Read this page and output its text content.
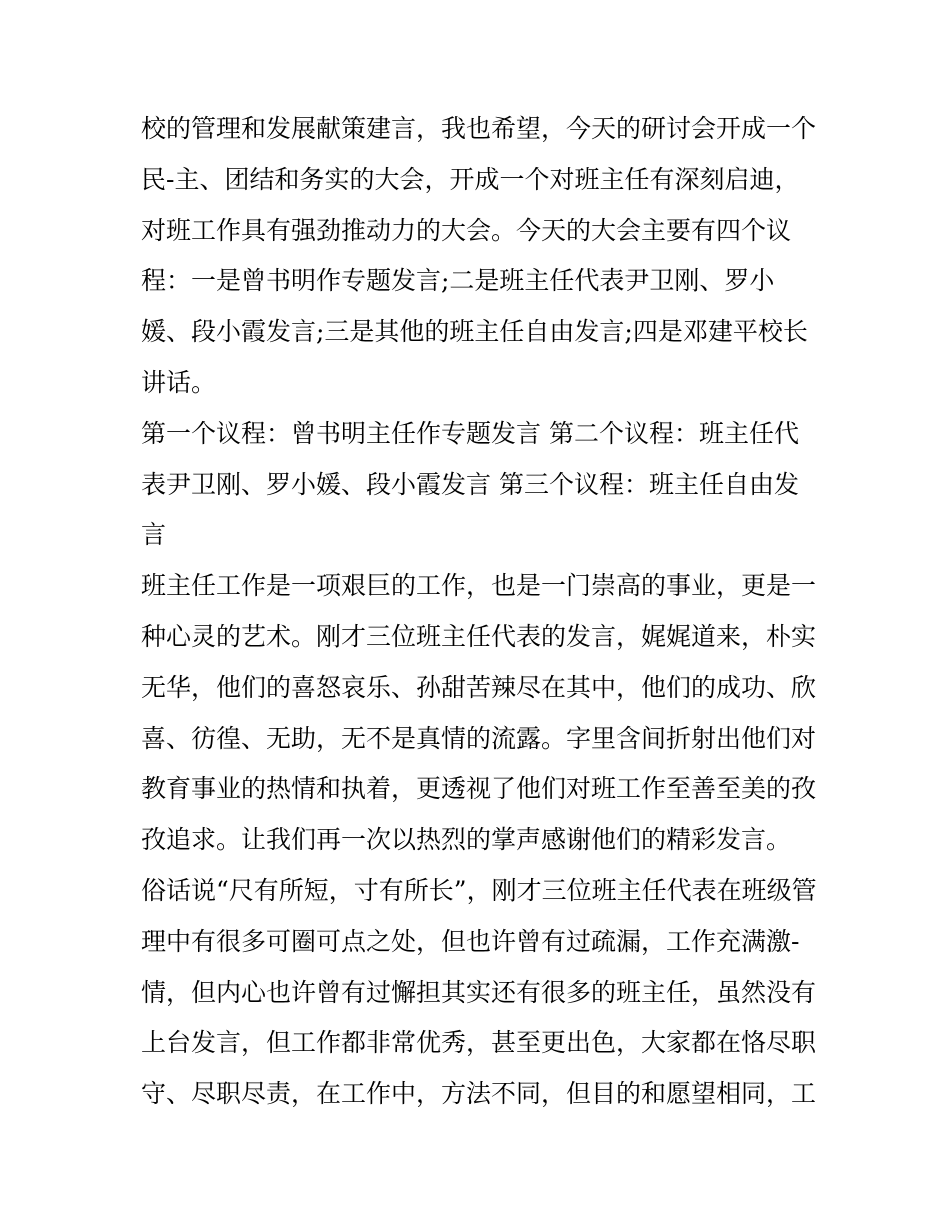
校的管理和发展献策建言，我也希望，今天的研讨会开成一个
民-主、团结和务实的大会，开成一个对班主任有深刻启迪，
对班工作具有强劲推动力的大会。今天的大会主要有四个议
程：一是曾书明作专题发言;二是班主任代表尹卫刚、罗小
媛、段小霞发言;三是其他的班主任自由发言;四是邓建平校长
讲话。
第一个议程：曾书明主任作专题发言 第二个议程：班主任代
表尹卫刚、罗小媛、段小霞发言 第三个议程：班主任自由发
言
班主任工作是一项艰巨的工作，也是一门崇高的事业，更是一
种心灵的艺术。刚才三位班主任代表的发言，娓娓道来，朴实
无华，他们的喜怒哀乐、孙甜苦辣尽在其中，他们的成功、欣
喜、彷徨、无助，无不是真情的流露。字里含间折射出他们对
教育事业的热情和执着，更透视了他们对班工作至善至美的孜
孜追求。让我们再一次以热烈的掌声感谢他们的精彩发言。
俗话说“尺有所短，寸有所长”，刚才三位班主任代表在班级管
理中有很多可圈可点之处，但也许曾有过疏漏，工作充满激-
情，但内心也许曾有过懈担其实还有很多的班主任，虽然没有
上台发言，但工作都非常优秀，甚至更出色，大家都在恪尽职
守、尽职尽责，在工作中，方法不同，但目的和愿望相同，工
